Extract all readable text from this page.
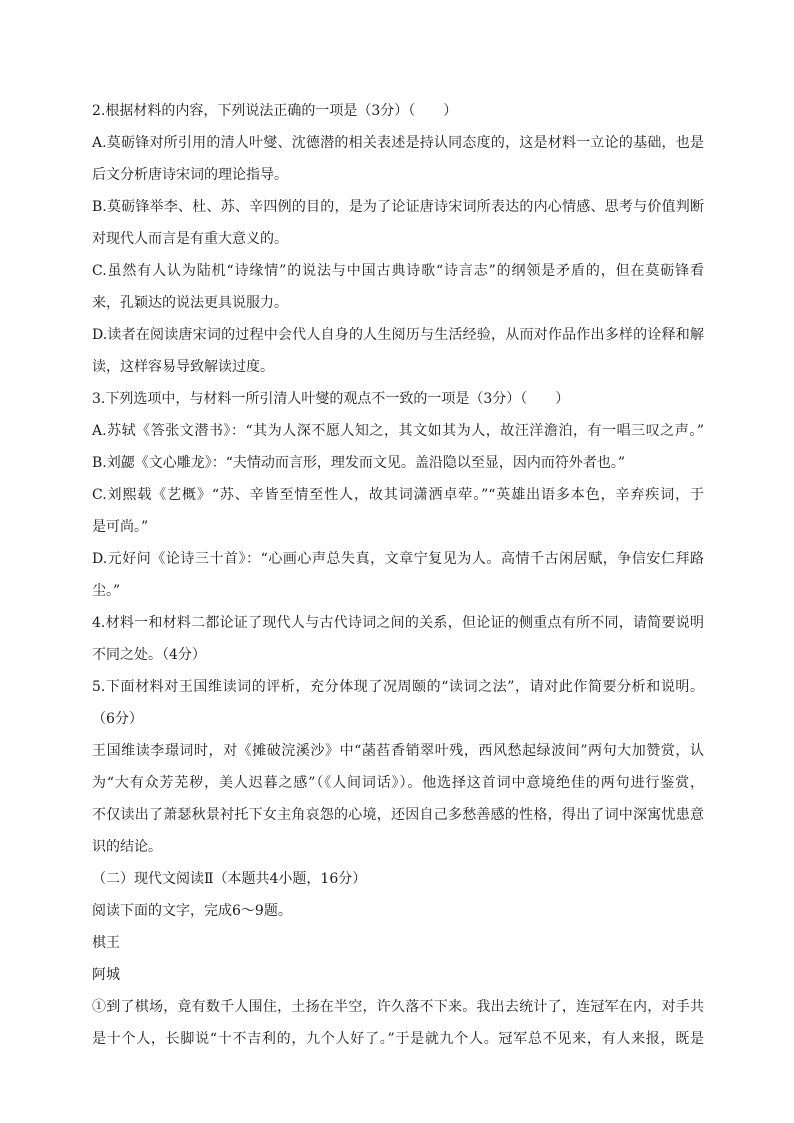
2.根据材料的内容，下列说法正确的一项是（3分）（　　）
A.莫砺锋对所引用的清人叶燮、沈德潜的相关表述是持认同态度的，这是材料一立论的基础，也是
后文分析唐诗宋词的理论指导。
B.莫砺锋举李、杜、苏、辛四例的目的，是为了论证唐诗宋词所表达的内心情感、思考与价值判断
对现代人而言是有重大意义的。
C.虽然有人认为陆机“诗缘情”的说法与中国古典诗歌“诗言志”的纲领是矛盾的，但在莫砺锋看
来，孔颖达的说法更具说服力。
D.读者在阅读唐宋词的过程中会代人自身的人生阅历与生活经验，从而对作品作出多样的诠释和解
读，这样容易导致解读过度。
3.下列选项中，与材料一所引清人叶燮的观点不一致的一项是（3分）（　　）
A.苏轼《答张文潜书》：“其为人深不愿人知之，其文如其为人，故汪洋澹泊，有一唱三叹之声。”
B.刘勰《文心雕龙》：“夫情动而言形，理发而文见。盖沿隐以至显，因内而符外者也。”
C.刘熙载《艺概》“苏、辛皆至情至性人，故其词潇洒卓荦。”“英雄出语多本色，辛弃疾词，于
是可尚。”
D.元好问《论诗三十首》：“心画心声总失真，文章宁复见为人。高情千古闲居赋，争信安仁拜路
尘。”
4.材料一和材料二都论证了现代人与古代诗词之间的关系，但论证的侧重点有所不同，请简要说明
不同之处。（4分）
5.下面材料对王国维读词的评析，充分体现了况周颐的“读词之法”，请对此作简要分析和说明。
（6分）
王国维读李璟词时，对《摊破浣溪沙》中“菡萏香销翠叶残，西风愁起绿波间”两句大加赞赏，认
为“大有众芳芜秽，美人迟暮之感”（《人间词话》）。他选择这首词中意境绝佳的两句进行鉴赏，
不仅读出了萧瑟秋景衬托下女主角哀怨的心境，还因自己多愁善感的性格，得出了词中深寓忧患意
识的结论。
（二）现代文阅读Ⅱ（本题共4小题，16分）
阅读下面的文字，完成6～9题。
棋王
阿城
①到了棋场，竟有数千人围住，土扬在半空，许久落不下来。我出去统计了，连冠军在内，对手共
是十个人，长脚说“十不吉利的，九个人好了。”于是就九个人。冠军总不见来，有人来报，既是
